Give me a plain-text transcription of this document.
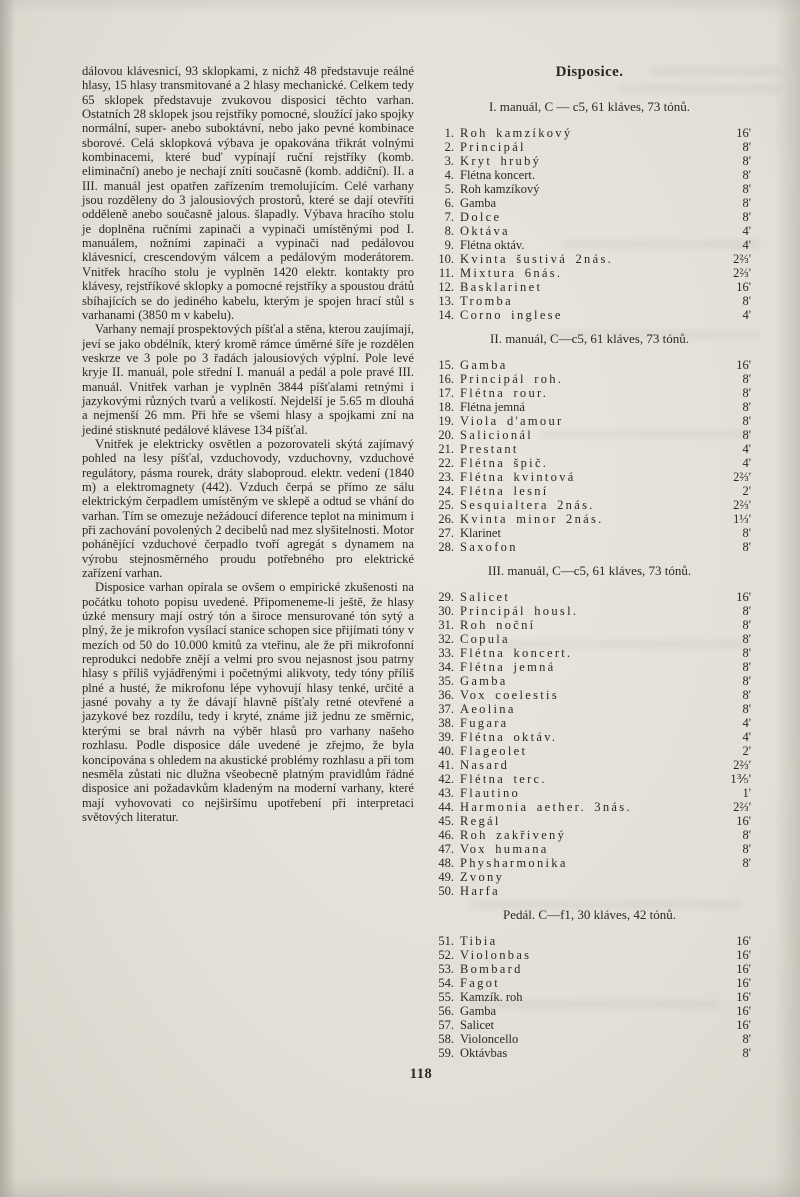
dálovou klávesnicí, 93 sklopkami, z nichž 48 představuje reálné hlasy, 15 hlasy transmitované a 2 hlasy mechanické. Celkem tedy 65 sklopek představuje zvukovou disposici těchto varhan. Ostatních 28 sklopek jsou rejstříky pomocné, sloužící jako spojky normální, super- anebo suboktávní, nebo jako pevné kombinace sborové. Celá sklopková výbava je opakována třikrát volnými kombinacemi, které buď vypínají ruční rejstříky (komb. eliminační) anebo je nechají zníti současně (komb. addiční). II. a III. manuál jest opatřen zařízením tremolujícím. Celé varhany jsou rozděleny do 3 jalousiových prostorů, které se dají otevříti odděleně anebo současně jalous. šlapadly. Výbava hracího stolu je doplněna ručními zapinači a vypinači umístěnými pod I. manuálem, nožními zapinači a vypinači nad pedálovou klávesnicí, crescendovým válcem a pedálovým moderátorem. Vnitřek hracího stolu je vyplněn 1420 elektr. kontakty pro klávesy, rejstříkové sklopky a pomocné rejstříky a spoustou drátů sbíhajících se do jediného kabelu, kterým je spojen hrací stůl s varhanami (3850 m v kabelu).

Varhany nemají prospektových píšťal a stěna, kterou zaujímají, jeví se jako obdélník, který kromě rámce úměrné šíře je rozdělen veskrze ve 3 pole po 3 řadách jalousiových výplní. Pole levé kryje II. manuál, pole střední I. manuál a pedál a pole pravé III. manuál. Vnitřek varhan je vyplněn 3844 píšťalami retnými i jazykovými různých tvarů a velikostí. Nejdelší je 5.65 m dlouhá a nejmenší 26 mm. Při hře se všemi hlasy a spojkami zní na jediné stisknuté pedálové klávese 134 píšťal.

Vnitřek je elektricky osvětlen a pozorovateli skýtá zajímavý pohled na lesy píšťal, vzduchovody, vzduchovny, vzduchové regulátory, pásma rourek, dráty slaboproud. elektr. vedení (1840 m) a elektromagnety (442). Vzduch čerpá se přímo ze sálu elektrickým čerpadlem umístěným ve sklepě a odtud se vhání do varhan. Tím se omezuje nežádoucí diference teplot na minimum i při zachování povolených 2 decibelů nad mez slyšitelnosti. Motor pohánějící vzduchové čerpadlo tvoří agregát s dynamem na výrobu stejnosměrného proudu potřebného pro elektrické zařízení varhan.

Disposice varhan opírala se ovšem o empirické zkušenosti na počátku tohoto popisu uvedené. Připomeneme-li ještě, že hlasy úzké mensury mají ostrý tón a široce mensurované tón sytý a plný, že je mikrofon vysílací stanice schopen sice přijímati tóny v mezích od 50 do 10.000 kmitů za vteřinu, ale že při mikrofonní reprodukci nedobře znějí a velmi pro svou nejasnost jsou patrny hlasy s příliš vyjádřenými i početnými alikvoty, tedy tóny příliš plné a husté, že mikrofonu lépe vyhovují hlasy tenké, určité a jasné povahy a ty že dávají hlavně píšťaly retné otevřené a jazykové bez rozdílu, tedy i kryté, známe již jednu ze směrnic, kterými se bral návrh na výběr hlasů pro varhany našeho rozhlasu. Podle disposice dále uvedené je zřejmo, že byla koncipována s ohledem na akustické problémy rozhlasu a při tom nesměla zůstati nic dlužna všeobecně platným pravidlům řádné disposice ani požadavkům kladeným na moderní varhany, které mají vyhovovati co nejširšímu upotřebení při interpretaci světových literatur.

Disposice.
I. manuál, C — c5, 61 kláves, 73 tónů.
1. Roh kamzíkový	16'
2. Principál	8'
3. Kryt hrubý	8'
4. Flétna koncert.	8'
5. Roh kamzíkový	8'
6. Gamba	8'
7. Dolce	8'
8. Oktáva	4'
9. Flétna oktáv.	4'
10. Kvinta šustivá 2nás.	2⅔'
11. Mixtura 6nás.	2⅔'
12. Basklarinet	16'
13. Tromba	8'
14. Corno inglese	4'
II. manuál, C—c5, 61 kláves, 73 tónů.
15. Gamba	16'
16. Principál roh.	8'
17. Flétna rour.	8'
18. Flétna jemná	8'
19. Viola d'amour	8'
20. Salicionál	8'
21. Prestant	4'
22. Flétna špič.	4'
23. Flétna kvintová	2⅔'
24. Flétna lesní	2'
25. Sesquialtera 2nás.	2⅔'
26. Kvinta minor 2nás.	1⅓'
27. Klarinet	8'
28. Saxofon	8'
III. manuál, C—c5, 61 kláves, 73 tónů.
29. Salicet	16'
30. Principál housl.	8'
31. Roh noční	8'
32. Copula	8'
33. Flétna koncert.	8'
34. Flétna jemná	8'
35. Gamba	8'
36. Vox coelestis	8'
37. Aeolina	8'
38. Fugara	4'
39. Flétna oktáv.	4'
40. Flageolet	2'
41. Nasard	2⅔'
42. Flétna terc.	1⅗'
43. Flautino	1'
44. Harmonia aether. 3nás.	2⅔'
45. Regál	16'
46. Roh zakřivený	8'
47. Vox humana	8'
48. Physharmonika	8'
49. Zvony
50. Harfa
Pedál. C—f1, 30 kláves, 42 tónů.
51. Tibia	16'
52. Violonbas	16'
53. Bombard	16'
54. Fagot	16'
55. Kamzík. roh	16'
56. Gamba	16'
57. Salicet	16'
58. Violoncello	8'
59. Oktávbas	8'
118
